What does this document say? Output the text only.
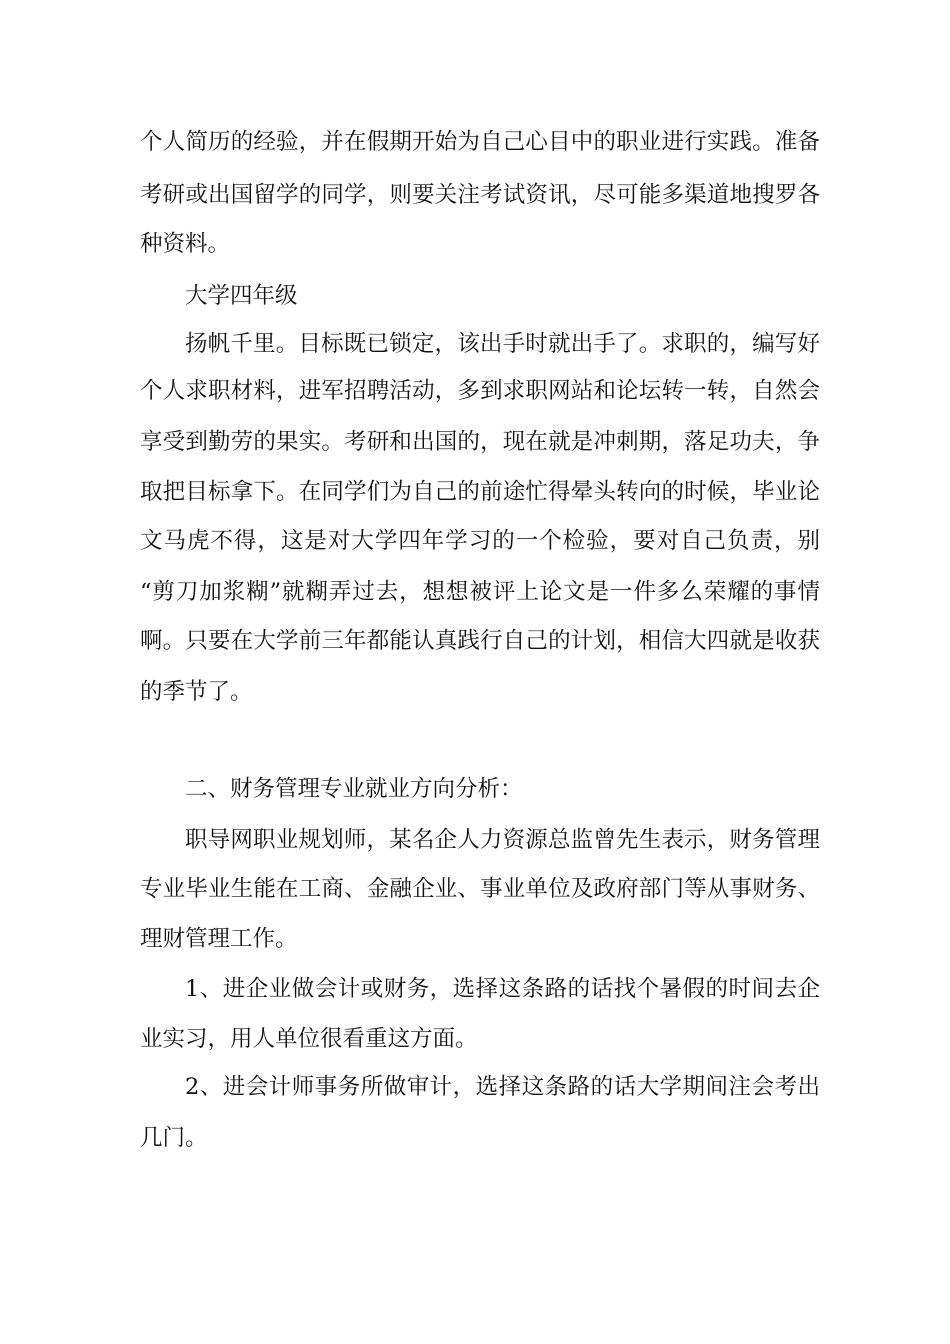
个人简历的经验，并在假期开始为自己心目中的职业进行实践。准备
考研或出国留学的同学，则要关注考试资讯，尽可能多渠道地搜罗各
种资料。
大学四年级
扬帆千里。目标既已锁定，该出手时就出手了。求职的，编写好
个人求职材料，进军招聘活动，多到求职网站和论坛转一转，自然会
享受到勤劳的果实。考研和出国的，现在就是冲刺期，落足功夫，争
取把目标拿下。在同学们为自己的前途忙得晕头转向的时候，毕业论
文马虎不得，这是对大学四年学习的一个检验，要对自己负责，别
“剪刀加浆糊”就糊弄过去，想想被评上论文是一件多么荣耀的事情
啊。只要在大学前三年都能认真践行自己的计划，相信大四就是收获
的季节了。
二、财务管理专业就业方向分析：
职导网职业规划师，某名企人力资源总监曾先生表示，财务管理
专业毕业生能在工商、金融企业、事业单位及政府部门等从事财务、
理财管理工作。
1、进企业做会计或财务，选择这条路的话找个暑假的时间去企
业实习，用人单位很看重这方面。
2、进会计师事务所做审计，选择这条路的话大学期间注会考出
几门。
